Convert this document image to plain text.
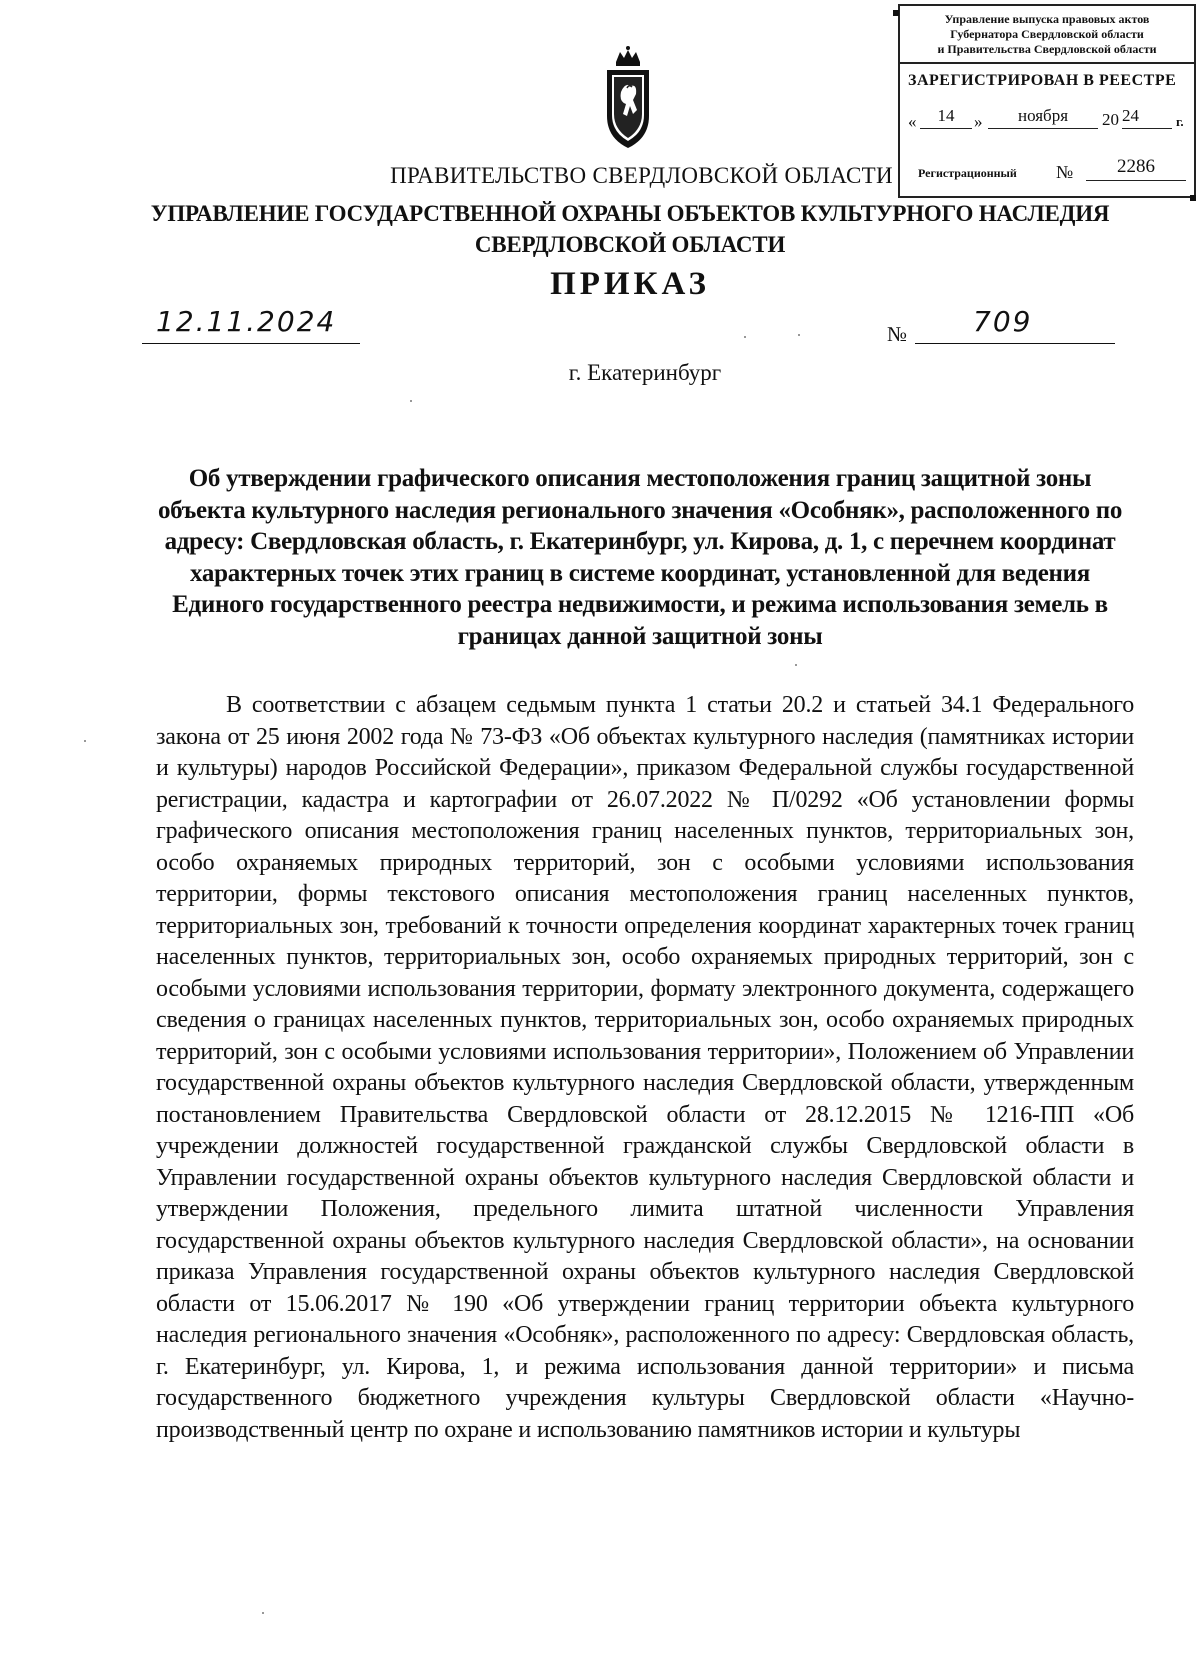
Управление выпуска правовых актов
Губернатора Свердловской области
и Правительства Свердловской области
ЗАРЕГИСТРИРОВАН В РЕЕСТРЕ
«	14	»	ноября	20 24	г.
Регистрационный №	2286
ПРАВИТЕЛЬСТВО СВЕРДЛОВСКОЙ ОБЛАСТИ
УПРАВЛЕНИЕ ГОСУДАРСТВЕННОЙ ОХРАНЫ ОБЪЕКТОВ КУЛЬТУРНОГО НАСЛЕДИЯ
СВЕРДЛОВСКОЙ ОБЛАСТИ
ПРИКАЗ
12.11.2024	№ 709
г. Екатеринбург
Об утверждении графического описания местоположения границ защитной зоны объекта культурного наследия регионального значения «Особняк», расположенного по адресу: Свердловская область, г. Екатеринбург, ул. Кирова, д. 1, с перечнем координат характерных точек этих границ в системе координат, установленной для ведения Единого государственного реестра недвижимости, и режима использования земель в границах данной защитной зоны

В соответствии с абзацем седьмым пункта 1 статьи 20.2 и статьей 34.1 Федерального закона от 25 июня 2002 года № 73-ФЗ «Об объектах культурного наследия (памятниках истории и культуры) народов Российской Федерации», приказом Федеральной службы государственной регистрации, кадастра и картографии от 26.07.2022 № П/0292 «Об установлении формы графического описания местоположения границ населенных пунктов, территориальных зон, особо охраняемых природных территорий, зон с особыми условиями использования территории, формы текстового описания местоположения границ населенных пунктов, территориальных зон, требований к точности определения координат характерных точек границ населенных пунктов, территориальных зон, особо охраняемых природных территорий, зон с особыми условиями использования территории, формату электронного документа, содержащего сведения о границах населенных пунктов, территориальных зон, особо охраняемых природных территорий, зон с особыми условиями использования территории», Положением об Управлении государственной охраны объектов культурного наследия Свердловской области, утвержденным постановлением Правительства Свердловской области от 28.12.2015 № 1216-ПП «Об учреждении должностей государственной гражданской службы Свердловской области в Управлении государственной охраны объектов культурного наследия Свердловской области и утверждении Положения, предельного лимита штатной численности Управления государственной охраны объектов культурного наследия Свердловской области», на основании приказа Управления государственной охраны объектов культурного наследия Свердловской области от 15.06.2017 № 190 «Об утверждении границ территории объекта культурного наследия регионального значения «Особняк», расположенного по адресу: Свердловская область, г. Екатеринбург, ул. Кирова, 1, и режима использования данной территории» и письма государственного бюджетного учреждения культуры Свердловской области «Научно-производственный центр по охране и использованию памятников истории и культуры
